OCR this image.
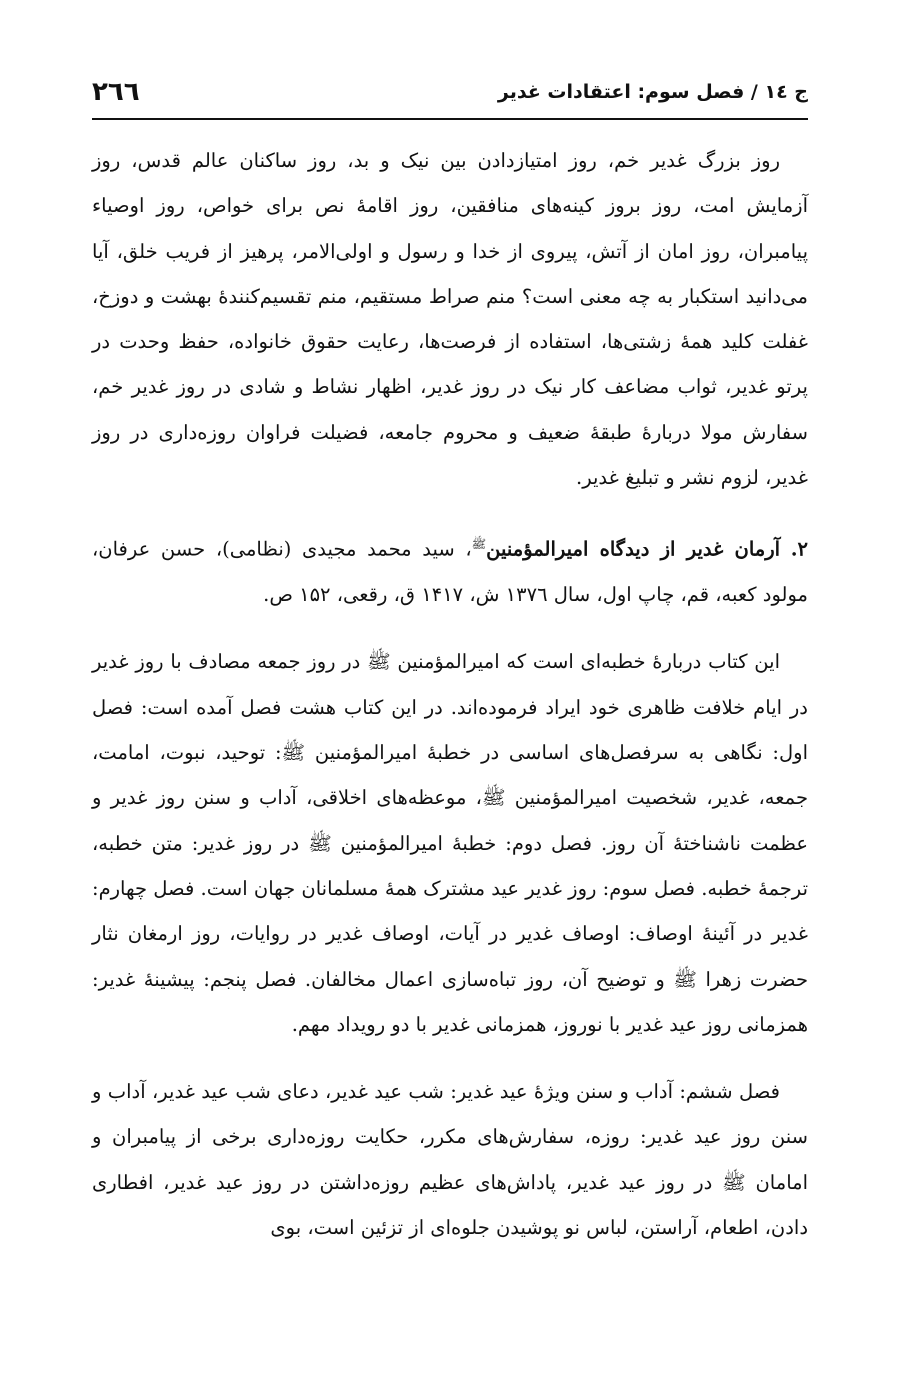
ج ١٤ / فصل سوم: اعتقادات غدیر
٢٦٦

روز بزرگ غدیر خم، روز امتیازدادن بین نیک و بد، روز ساکنان عالم قدس، روز آزمایش امت، روز بروز کینه‌های منافقین، روز اقامهٔ نص برای خواص، روز اوصیاء پیامبران، روز امان از آتش، پیروی از خدا و رسول و اولی‌الامر، پرهیز از فریب خلق، آیا می‌دانید استکبار به چه معنی است؟ منم صراط مستقیم، منم تقسیم‌کنندهٔ بهشت و دوزخ، غفلت کلید همهٔ زشتی‌ها، استفاده از فرصت‌ها، رعایت حقوق خانواده، حفظ وحدت در پرتو غدیر، ثواب مضاعف کار نیک در روز غدیر، اظهار نشاط و شادی در روز غدیر خم، سفارش مولا دربارهٔ طبقهٔ ضعیف و محروم جامعه، فضیلت فراوان روزه‌داری در روز غدیر، لزوم نشر و تبلیغ غدیر.

٢. آرمان غدیر از دیدگاه امیرالمؤمنین$^ﷺ$، سید محمد مجیدی (نظامی)، حسن عرفان، مولود کعبه، قم، چاپ اول، سال ١٣٧٦ ش، ١۴١٧ ق، رقعی، ١۵٢ ص.

این کتاب دربارهٔ خطبه‌ای است که امیرالمؤمنین ﷺ در روز جمعه مصادف با روز غدیر در ایام خلافت ظاهری خود ایراد فرموده‌اند. در این کتاب هشت فصل آمده است: فصل اول: نگاهی به سرفصل‌های اساسی در خطبهٔ امیرالمؤمنین ﷺ: توحید، نبوت، امامت، جمعه، غدیر، شخصیت امیرالمؤمنین ﷺ، موعظه‌های اخلاقی، آداب و سنن روز غدیر و عظمت ناشناختهٔ آن روز. فصل دوم: خطبهٔ امیرالمؤمنین ﷺ در روز غدیر: متن خطبه، ترجمهٔ خطبه. فصل سوم: روز غدیر عید مشترک همهٔ مسلمانان جهان است. فصل چهارم: غدیر در آئینهٔ اوصاف: اوصاف غدیر در آیات، اوصاف غدیر در روایات، روز ارمغان نثار حضرت زهرا ﷺ و توضیح آن، روز تباه‌سازی اعمال مخالفان. فصل پنجم: پیشینهٔ غدیر: همزمانی روز عید غدیر با نوروز، همزمانی غدیر با دو رویداد مهم.

فصل ششم: آداب و سنن ویژهٔ عید غدیر: شب عید غدیر، دعای شب عید غدیر، آداب و سنن روز عید غدیر: روزه، سفارش‌های مکرر، حکایت روزه‌داری برخی از پیامبران و امامان ﷺ در روز عید غدیر، پاداش‌های عظیم روزه‌داشتن در روز عید غدیر، افطاری دادن، اطعام، آراستن، لباس نو پوشیدن جلوه‌ای از تزئین است، بوی
